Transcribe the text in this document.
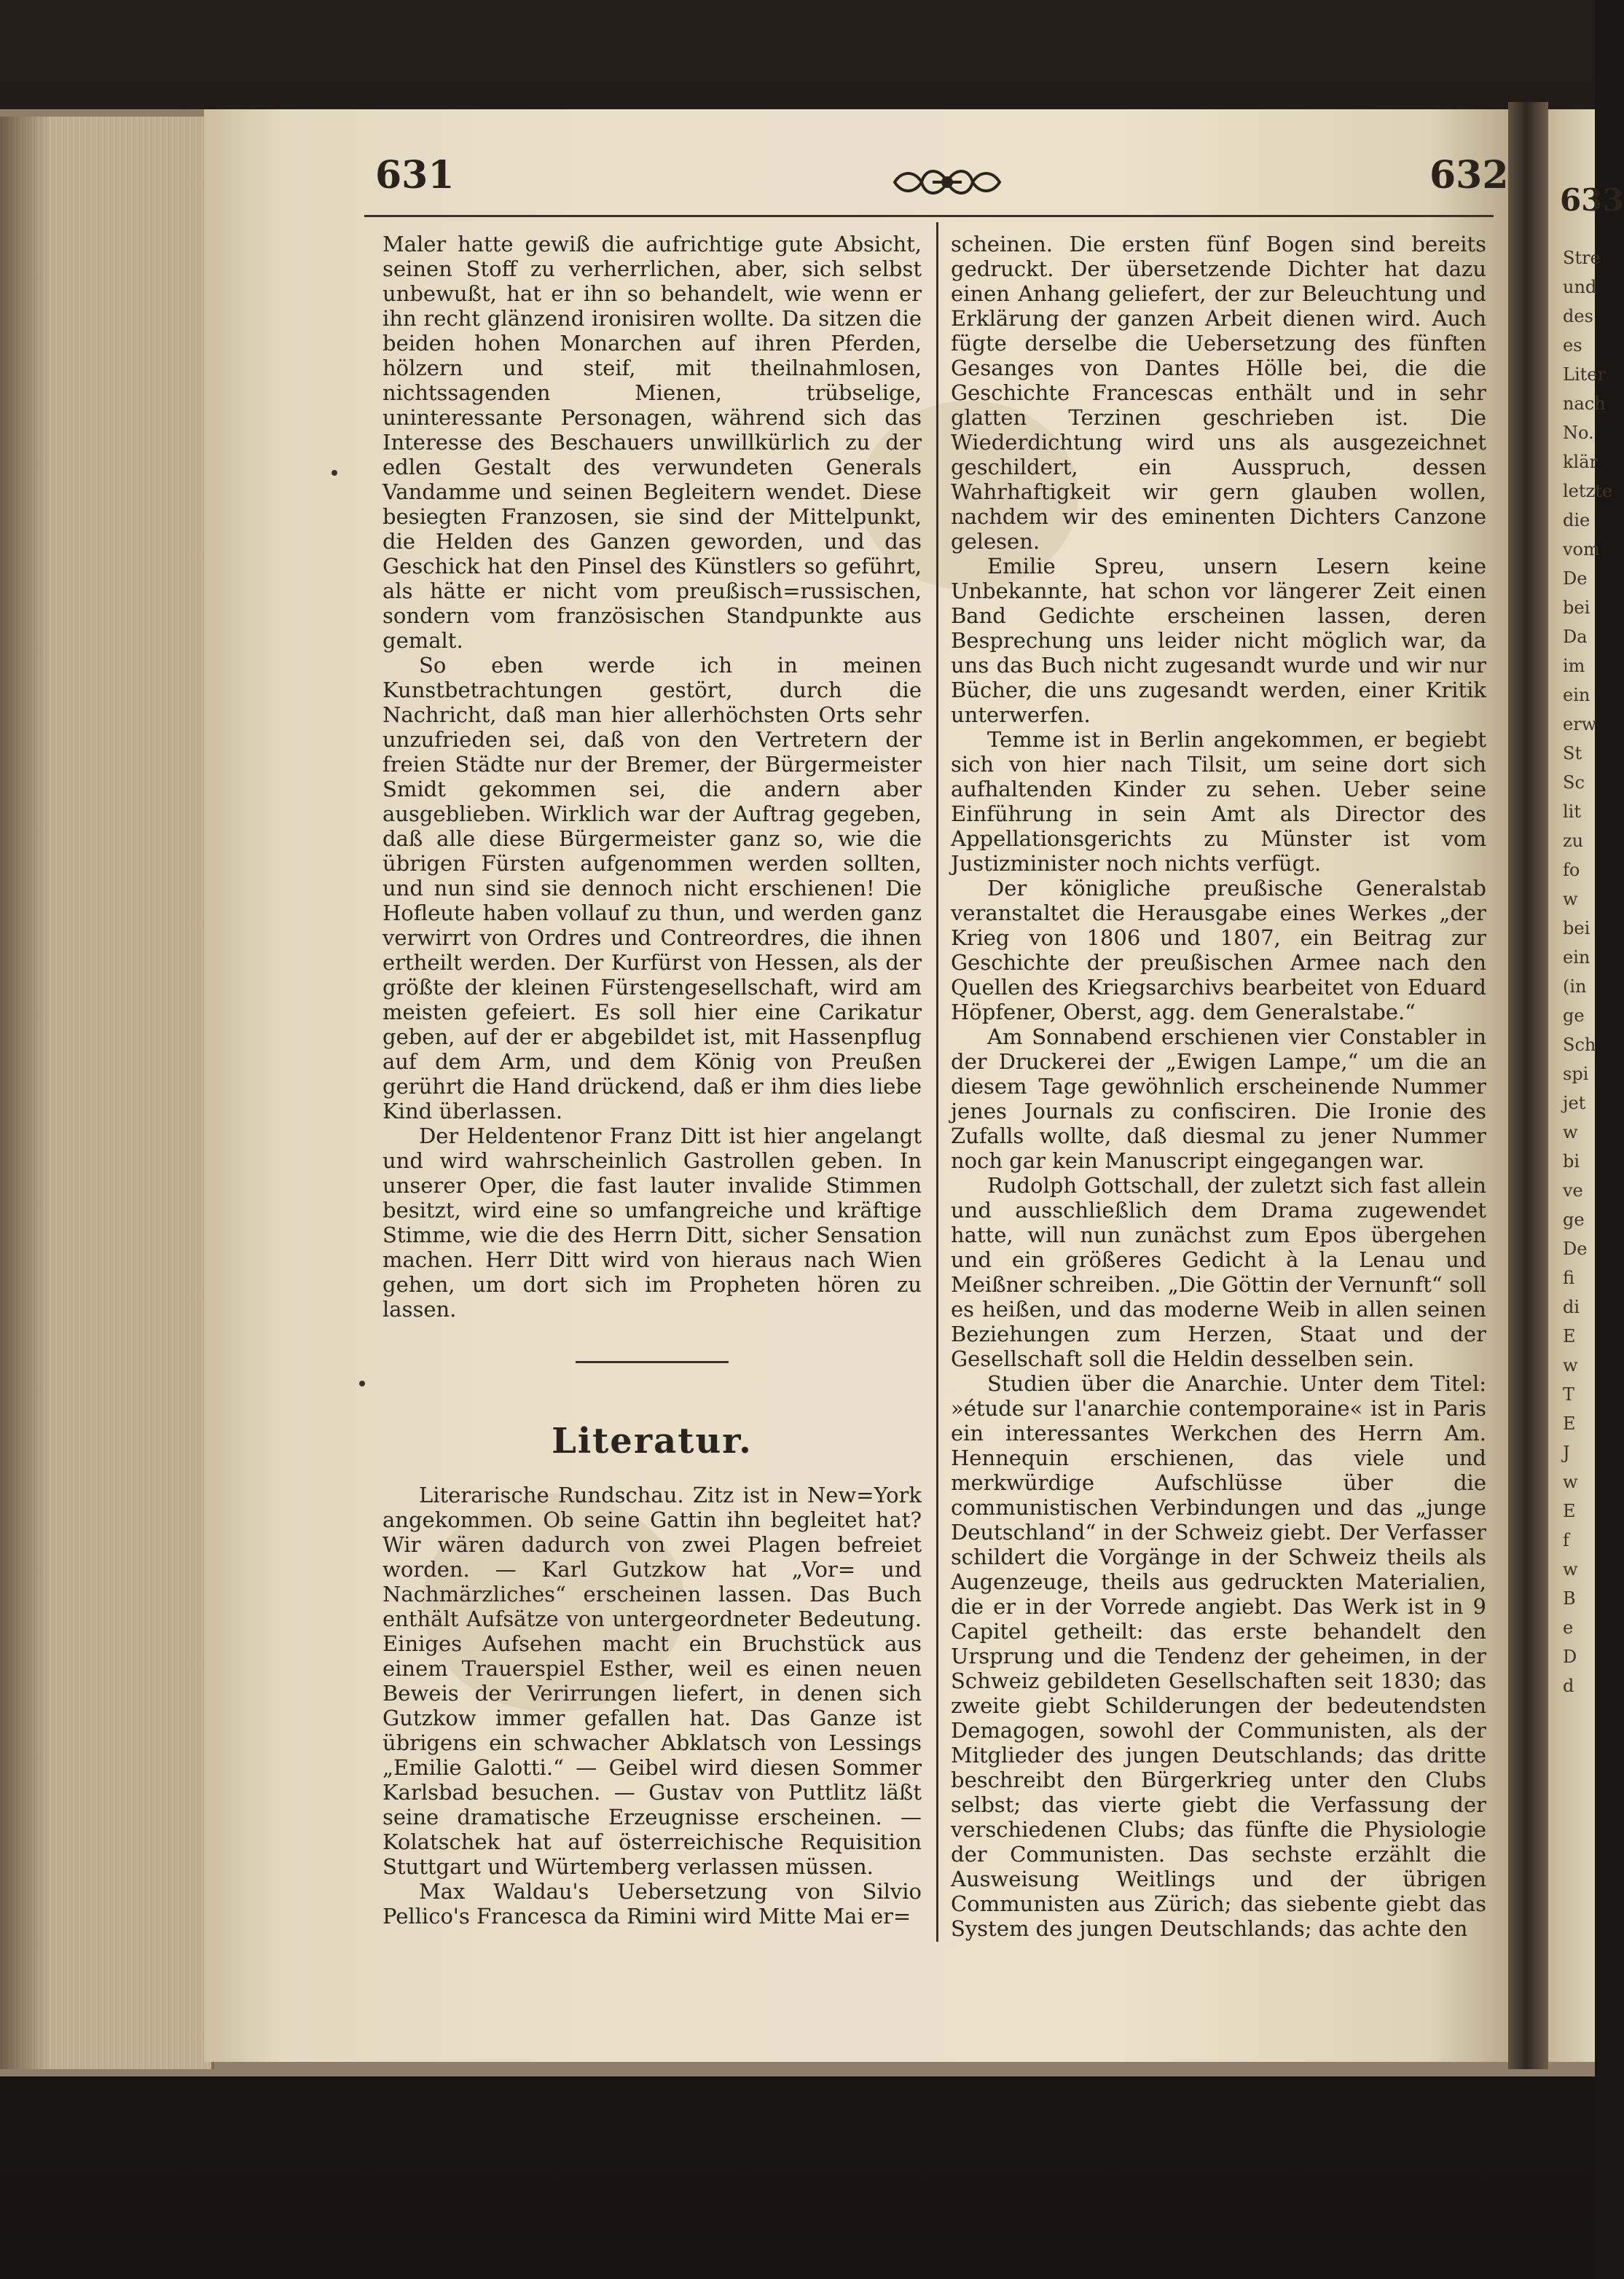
633
Stre
und
des
es
Liter
nach
No.
klär
letzte
die
vom
De
bei
Da
im
ein
erw
St
Sc
lit
zu
fo
w
bei
ein
(in
ge
Sch
spi
jet
w
bi
ve
ge
De
fi
di
E
w
T
E
J
w
E
f
w
B
e
D
d
631	632

Maler hatte gewiß die aufrichtige gute Absicht, seinen Stoff zu verherrlichen, aber, sich selbst unbewußt, hat er ihn so behandelt, wie wenn er ihn recht glänzend ironisiren wollte. Da sitzen die beiden hohen Monarchen auf ihren Pferden, hölzern und steif, mit theilnahmlosen, nichtssagenden Mienen, trübselige, uninteressante Personagen, während sich das Interesse des Beschauers unwillkürlich zu der edlen Gestalt des verwundeten Generals Vandamme und seinen Begleitern wendet. Diese besiegten Franzosen, sie sind der Mittelpunkt, die Helden des Ganzen geworden, und das Geschick hat den Pinsel des Künstlers so geführt, als hätte er nicht vom preußisch=russischen, sondern vom französischen Standpunkte aus gemalt.

So eben werde ich in meinen Kunstbetrachtungen gestört, durch die Nachricht, daß man hier allerhöchsten Orts sehr unzufrieden sei, daß von den Vertretern der freien Städte nur der Bremer, der Bürgermeister Smidt gekommen sei, die andern aber ausgeblieben. Wirklich war der Auftrag gegeben, daß alle diese Bürgermeister ganz so, wie die übrigen Fürsten aufgenommen werden sollten, und nun sind sie dennoch nicht erschienen! Die Hofleute haben vollauf zu thun, und werden ganz verwirrt von Ordres und Contreordres, die ihnen ertheilt werden. Der Kurfürst von Hessen, als der größte der kleinen Fürstengesellschaft, wird am meisten gefeiert. Es soll hier eine Carikatur geben, auf der er abgebildet ist, mit Hassenpflug auf dem Arm, und dem König von Preußen gerührt die Hand drückend, daß er ihm dies liebe Kind überlassen.

Der Heldentenor Franz Ditt ist hier angelangt und wird wahrscheinlich Gastrollen geben. In unserer Oper, die fast lauter invalide Stimmen besitzt, wird eine so umfangreiche und kräftige Stimme, wie die des Herrn Ditt, sicher Sensation machen. Herr Ditt wird von hieraus nach Wien gehen, um dort sich im Propheten hören zu lassen.

Literatur.

Literarische Rundschau. Zitz ist in New=York angekommen. Ob seine Gattin ihn begleitet hat? Wir wären dadurch von zwei Plagen befreiet worden. — Karl Gutzkow hat „Vor= und Nachmärzliches“ erscheinen lassen. Das Buch enthält Aufsätze von untergeordneter Bedeutung. Einiges Aufsehen macht ein Bruchstück aus einem Trauerspiel Esther, weil es einen neuen Beweis der Verirrungen liefert, in denen sich Gutzkow immer gefallen hat. Das Ganze ist übrigens ein schwacher Abklatsch von Lessings „Emilie Galotti.“ — Geibel wird diesen Sommer Karlsbad besuchen. — Gustav von Puttlitz läßt seine dramatische Erzeugnisse erscheinen. — Kolatschek hat auf österreichische Requisition Stuttgart und Würtemberg verlassen müssen.

Max Waldau's Uebersetzung von Silvio Pellico's Francesca da Rimini wird Mitte Mai er=

scheinen. Die ersten fünf Bogen sind bereits gedruckt. Der übersetzende Dichter hat dazu einen Anhang geliefert, der zur Beleuchtung und Erklärung der ganzen Arbeit dienen wird. Auch fügte derselbe die Uebersetzung des fünften Gesanges von Dantes Hölle bei, die die Geschichte Francescas enthält und in sehr glatten Terzinen geschrieben ist. Die Wiederdichtung wird uns als ausgezeichnet geschildert, ein Ausspruch, dessen Wahrhaftigkeit wir gern glauben wollen, nachdem wir des eminenten Dichters Canzone gelesen.

Emilie Spreu, unsern Lesern keine Unbekannte, hat schon vor längerer Zeit einen Band Gedichte erscheinen lassen, deren Besprechung uns leider nicht möglich war, da uns das Buch nicht zugesandt wurde und wir nur Bücher, die uns zugesandt werden, einer Kritik unterwerfen.

Temme ist in Berlin angekommen, er begiebt sich von hier nach Tilsit, um seine dort sich aufhaltenden Kinder zu sehen. Ueber seine Einführung in sein Amt als Director des Appellationsgerichts zu Münster ist vom Justizminister noch nichts verfügt.

Der königliche preußische Generalstab veranstaltet die Herausgabe eines Werkes „der Krieg von 1806 und 1807, ein Beitrag zur Geschichte der preußischen Armee nach den Quellen des Kriegsarchivs bearbeitet von Eduard Höpfener, Oberst, agg. dem Generalstabe.“

Am Sonnabend erschienen vier Constabler in der Druckerei der „Ewigen Lampe,“ um die an diesem Tage gewöhnlich erscheinende Nummer jenes Journals zu confisciren. Die Ironie des Zufalls wollte, daß diesmal zu jener Nummer noch gar kein Manuscript eingegangen war.

Rudolph Gottschall, der zuletzt sich fast allein und ausschließlich dem Drama zugewendet hatte, will nun zunächst zum Epos übergehen und ein größeres Gedicht à la Lenau und Meißner schreiben. „Die Göttin der Vernunft“ soll es heißen, und das moderne Weib in allen seinen Beziehungen zum Herzen, Staat und der Gesellschaft soll die Heldin desselben sein.

Studien über die Anarchie. Unter dem Titel: »étude sur l'anarchie contemporaine« ist in Paris ein interessantes Werkchen des Herrn Am. Hennequin erschienen, das viele und merkwürdige Aufschlüsse über die communistischen Verbindungen und das „junge Deutschland“ in der Schweiz giebt. Der Verfasser schildert die Vorgänge in der Schweiz theils als Augenzeuge, theils aus gedruckten Materialien, die er in der Vorrede angiebt. Das Werk ist in 9 Capitel getheilt: das erste behandelt den Ursprung und die Tendenz der geheimen, in der Schweiz gebildeten Gesellschaften seit 1830; das zweite giebt Schilderungen der bedeutendsten Demagogen, sowohl der Communisten, als der Mitglieder des jungen Deutschlands; das dritte beschreibt den Bürgerkrieg unter den Clubs selbst; das vierte giebt die Verfassung der verschiedenen Clubs; das fünfte die Physiologie der Communisten. Das sechste erzählt die Ausweisung Weitlings und der übrigen Communisten aus Zürich; das siebente giebt das System des jungen Deutschlands; das achte den
